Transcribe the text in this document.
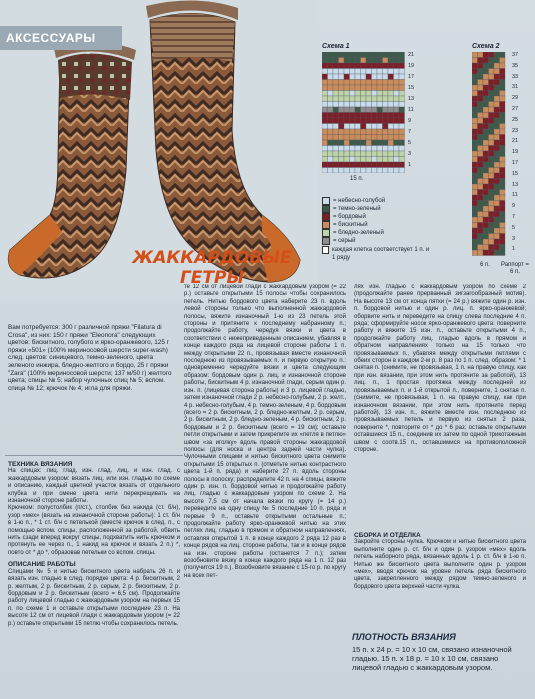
АКСЕССУАРЫ
ЖАККАРДОВЫЕ ГЕТРЫ
Схема 1
21
19
17
15
13
11
9
7
5
3
1
15 п.
Схема 2
37
35
33
31
29
27
25
23
21
19
17
15
13
11
9
7
5
3
1
6 п. Раппорт = 6 п.
= небесно-голубой
= темно-зеленый
= бордовый
= бискитный
= бледно-зеленый
= серый
каждая клетка соответствует 1 п. и 1 ряду
Вам потребуется: 300 г различной пряжи "Filatura di Crosa", из них: 150 г пряжи "Eleonora" следующих цветов: бискитного, голубого и ярко-оранжевого, 125 г пряжи «501» (100% мериносовой шерсти super-wash) след. цветов: синицевого, темно-зеленого, цвета зеленого инжира, бледно-желтого и бордо, 25 г пряжи "Zara" (100% мериносовой шерсти; 137 м/50 г) желтого цвета; спицы № 5; набор чулочных спиц № 5; вспом. спица № 12; крючок № 4; игла для пряжи.
ТЕХНИКА ВЯЗАНИЯ
На спицах: лиц. глад. изн. глад. лиц. и изн. глад. с жаккардовым узором: вязать лиц. или изн. гладью по схеме и описанию, каждый цветной участок вязать от отдельного клубка и при смене цвета нити перекрещивать на изнаночной стороне работы.
Крючком: полустолбик (п/ст.), столбик без накида (ст. б/н), узор «мех» (вязать на изнаночной стороне работы): 1 ст. б/н в 1-ю п., * 1 ст. б/н с петелькой (вместе крючок в след. п., с помощью вспом. спицы, расположенной за работой, обвить нить сзади вперед вокруг спицы, подхватить нить крючком и протянуть ее через п., 1 накид на крючок и вязать 2 п.) *, повто от * до *, образовав петельки со вспом. спицы.
ОПИСАНИЕ РАБОТЫ
Спицами № 5 и нитью бискитного цвета набрать 26 п. и вязать изн. гладью в след. порядке цвета: 4 р. бискитным, 2 р. желтым, 2 р. бискитным, 2 р. серым, 2 р. бискитным, 2 р. бордовым и 2 р. бискитным (всего = 6,5 см). Продолжайте работу лицевой гладью с жаккардовым узором на первых 15 п. по схеме 1 и оставьте открытыми последние 23 п. На высоте 12 см от лицевой глади с жаккардовым узором (= 22 р.) оставьте открытыми 15 петлю чтобы сохранилось петель.
те 12 см от лицевой глади с жаккардовым узором (= 22 р.) оставьте открытыми 15 полосы чтобы сохранилось петель. Нитью бордового цвета наберите 23 п. вдоль левой стороны только что выполненной жаккардовой полосы, вяжите изнаночный 1-ю из 23 петель этой стороны и притяните к последнему набранному п.; продолжайте работу, чередуя вязки и цвета в соответствии с нижеприведенным описанием, убавляя в конце каждого ряда на лицевой стороне работы 1 п. между открытыми 22 п., провязывая вместе изнаночной последнюю из провязываемых п. и первую открытую п.: одновременно чередуйте вязки и цвета следующим образом: бордовым один р. лиц. и изнаночной стороне работы, бискитным 4 р. изнаночной глади, серым один р. изн. п. (лицевая сторона работы) и 3 р. лицевой гладью, затем изнаночной глади 2 р. небесно-голубым, 2 р. желт., 4 р. небесно-голубым, 4 р. темно-зеленым, 4 р. бордовым (всего = 2 р. бискитным, 2 р. бледно-желтым, 2 р. серым, 2 р. бискитным, 2 р. бледно-зеленым, 4 р. бискитным, 2 р. бордовым и 2 р. бискитным (всего = 19 см); оставьте петли открытыми и затем прикрепите их «петля в петлю» швом «за иголку» вдоль правой стороны жаккардовой полосы (для носка и центра задней части чулка). Чулочными спицами и нитью бискитного цвета снимите открытыми 15 открытых п. (отметьте нитью контрастного цвета 1-й п. ряда) и наберите 27 п. вдоль стороны полосы в полоску; распределите 42 п. на 4 спицы, вяжите один р. изн. п. бордовой нитью и продолжайте работу лиц. гладью с жаккардовым узором по схеме 2. На высоте 7,5 см от начала вязки по кругу (= 14 р.) переведите на одну спицу № 5 последние 10 п. ряда и первые 9 п., оставьте открытыми остальные п.; продолжайте работу ярко-оранжевой нитью на этих петлях лиц. гладью в прямом и обратном направлениях, оставляя открытой 1 п. в конце каждого 2 ряда 12 раз в конце рядов на лиц. стороне работы, так и в конце рядов на изн. стороне работы (останется 7 п.); затем возобновите вязку в конце каждого ряда на 1 п. 12 раз (получится 19 п.). Возобновите вязание с 15-го р. по кругу на всех пет-
лях изн. гладью с жаккардовым узором по схеме 2 (продолжайте ранее прерванный зигзагообразный мотив). На высоте 13 см от конца пятки (= 24 р.) вяжите один р. изн. п. бордовой нитью и один р. лиц. п. ярко-оранжевой; оборвите нить и переведите на спицу слева последние 4 п. ряда; сформируйте носок ярко-оранжевого цвета: поверните работу и вяжите 15 изн. п., оставьте открытыми 4 п., продолжайте работу лиц. гладью вдоль в прямом и обратном направлениях только на 15 только что провязываемых п., убавляя между открытыми петлями с обеих сторон в каждом 2-м р. 8 раз по 1 п. след. образом: * 1 снятая п. (снимите, не провязывая, 1 п. на правую спицу, как при изн. вязании, при этом нить протяните за работой), 13 лиц. п., 1 простая протяжка между последней из провязываемых п. и 1-й открытой п., поверните, 1 снятая п. (снимите, не провязывая, 1 п. на правую спицу, как при изнаночном вязании, при этом нить протяните перед работой), 13 изн. п., вяжите вместе изн. последнюю из провязываемых петель и первую из снятых 2 раза, поверните *, повторите от * до * 6 раз; оставьте открытыми оставшиеся 15 п., соединив их затем по одной трикотажным швом с соотв.15 п., оставшимися на противоположной стороне.
СБОРКА И ОТДЕЛКА
Закройте стороны чулка. Крючком и нитью бискитного цвета выполните один р. ст. б/н и один р. узором «мех» вдоль петель наборного ряда, вязанных вдоль 1 р. ст. б/н в 1-ю п. Нитью же бискитного цвета выполните один р. узором «мех», вводя крючок на уровне петель ряда бискитного цвета, закрепленного между рядом темно-зеленого и бордового цвета верхней части чулка.
ПЛОТНОСТЬ ВЯЗАНИЯ
15 п. х 24 р. = 10 х 10 см, связано изнаночной гладью. 15 п. х 18 р. = 10 х 10 см, связано лицевой гладью с жаккардовым узором.
